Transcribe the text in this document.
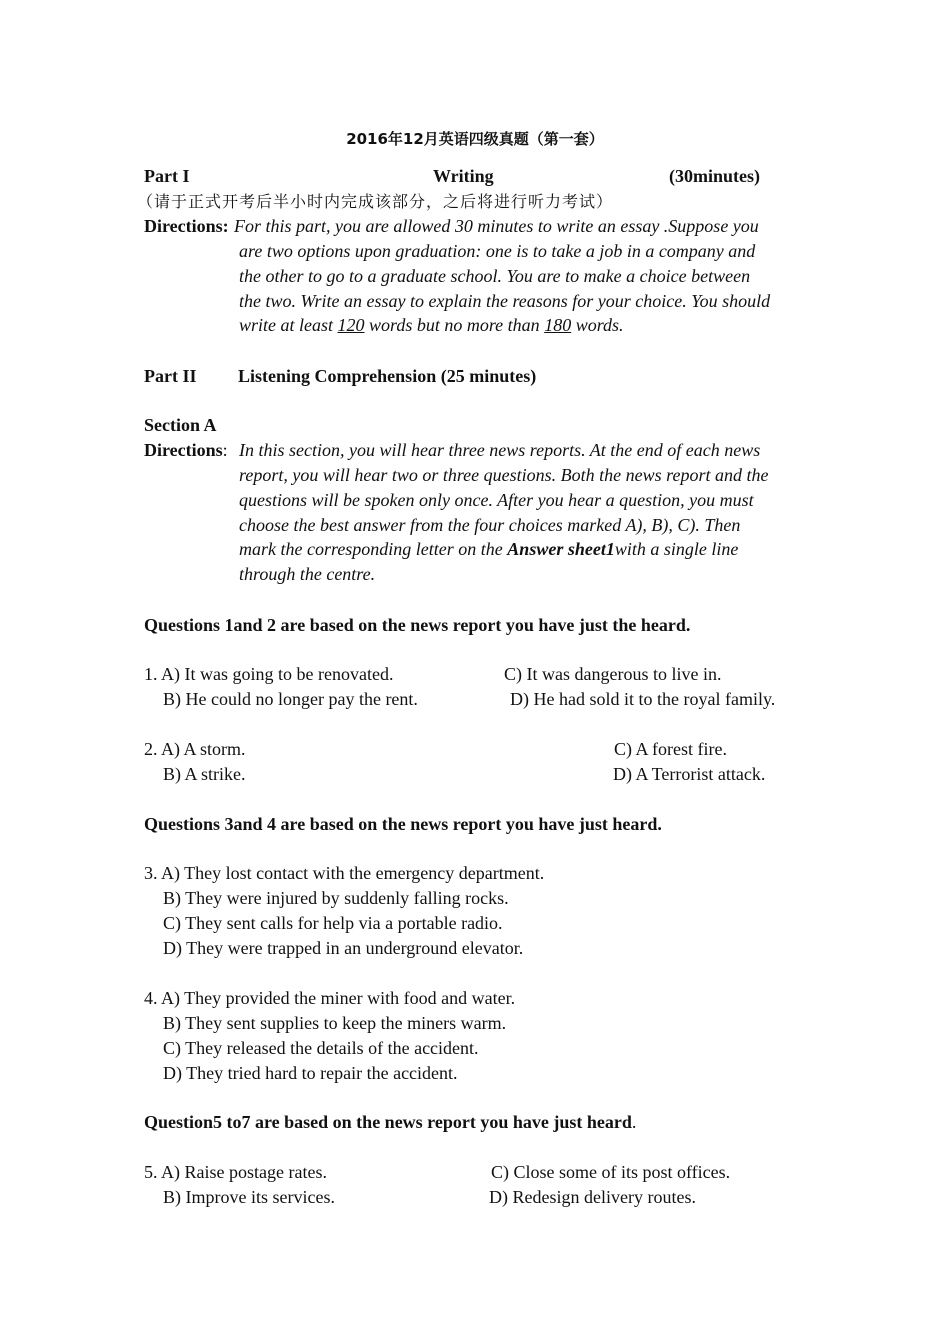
2016年12月英语四级真题（第一套）
Part I	Writing	(30minutes)
（请于正式开考后半小时内完成该部分，之后将进行听力考试）
Directions: For this part, you are allowed 30 minutes to write an essay .Suppose you
are two options upon graduation: one is to take a job in a company and
the other to go to a graduate school. You are to make a choice between
the two. Write an essay to explain the reasons for your choice. You should
write at least 120 words but no more than 180 words.
Part II Listening Comprehension (25 minutes)
Section A
Directions: In this section, you will hear three news reports. At the end of each news
report, you will hear two or three questions. Both the news report and the
questions will be spoken only once. After you hear a question, you must
choose the best answer from the four choices marked A), B), C). Then
mark the corresponding letter on the Answer sheet1with a single line
through the centre.
Questions 1and 2 are based on the news report you have just the heard.
1. A) It was going to be renovated.	C) It was dangerous to live in.
B) He could no longer pay the rent.	D) He had sold it to the royal family.
2. A) A storm.	C) A forest fire.
B) A strike.	D) A Terrorist attack.
Questions 3and 4 are based on the news report you have just heard.
3. A) They lost contact with the emergency department.
B) They were injured by suddenly falling rocks.
C) They sent calls for help via a portable radio.
D) They were trapped in an underground elevator.
4. A) They provided the miner with food and water.
B) They sent supplies to keep the miners warm.
C) They released the details of the accident.
D) They tried hard to repair the accident.
Question5 to7 are based on the news report you have just heard.
5. A) Raise postage rates.	C) Close some of its post offices.
B) Improve its services.	D) Redesign delivery routes.
